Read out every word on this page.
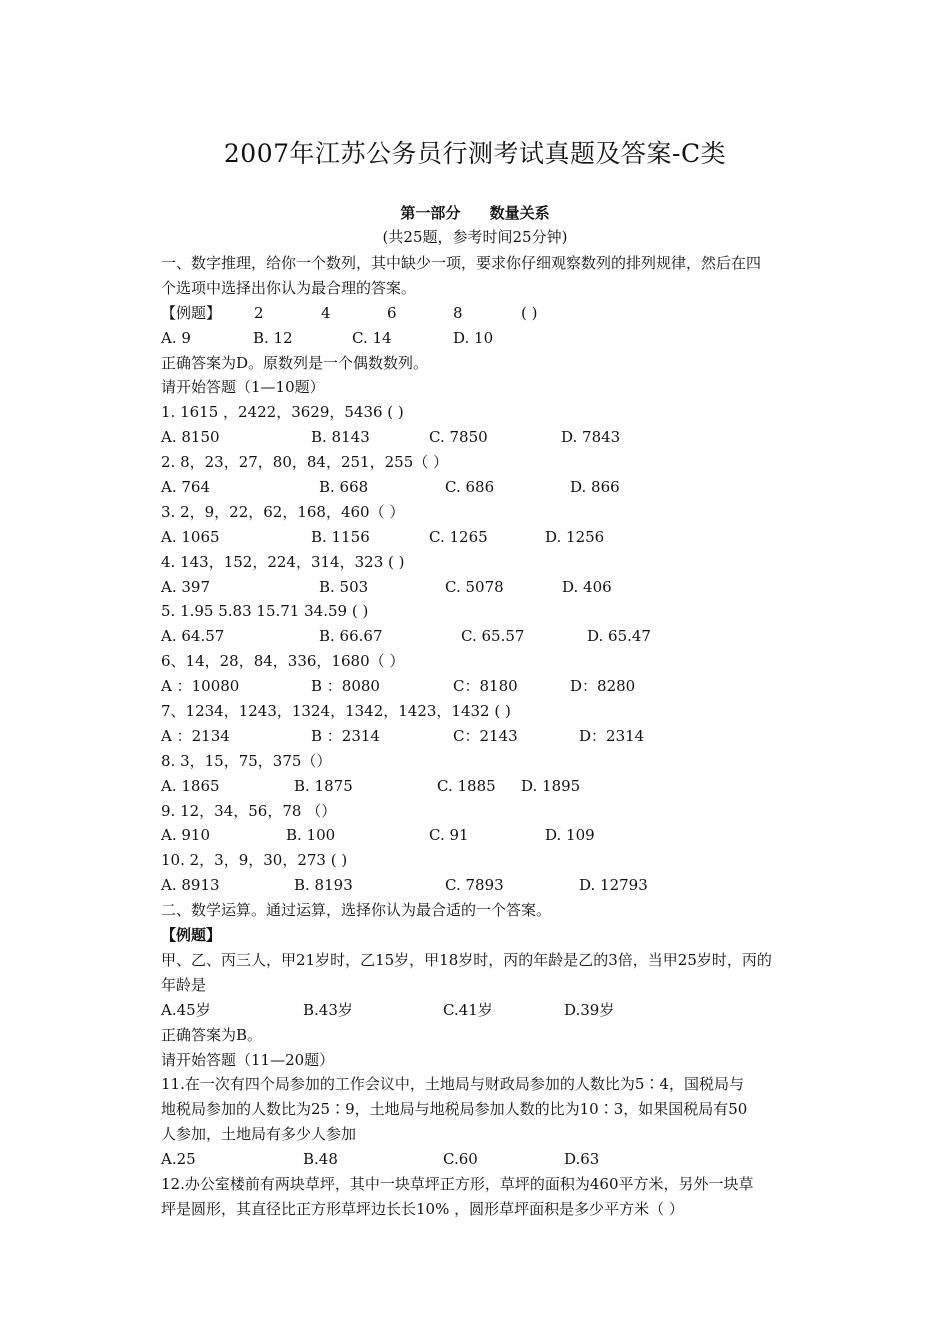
2007年江苏公务员行测考试真题及答案-C类
第一部分 数量关系
(共25题，参考时间25分钟)
一、数字推理，给你一个数列，其中缺少一项，要求你仔细观察数列的排列规律，然后在四
个选项中选择出你认为最合理的答案。
【例题】 2	4	6	8	( )
A. 9	B. 12	C. 14	D. 10
正确答案为D。原数列是一个偶数数列。
请开始答题（1—10题）
1. 1615 ，2422，3629，5436 ( )
A. 8150	B. 8143	C. 7850	D. 7843
2. 8，23，27，80，84，251，255（ ）
A. 764	B. 668	C. 686	D. 866
3. 2，9，22，62，168，460（ ）
A. 1065	B. 1156	C. 1265	D. 1256
4. 143，152，224，314，323 ( )
A. 397	B. 503	C. 5078	D. 406
5. 1.95 5.83 15.71 34.59 ( )
A. 64.57	B. 66.67	C. 65.57	D. 65.47
6、14，28，84，336，1680（ ）
A ：10080	B ：8080	C：8180	D：8280
7、1234，1243，1324，1342，1423，1432 ( )
A ：2134	B ：2314	C：2143	D：2314
8. 3，15，75，375（）
A. 1865	B. 1875	C. 1885 D. 1895
9. 12，34，56，78 （）
A. 910	B. 100	C. 91	D. 109
10. 2，3，9，30，273 ( )
A. 8913	B. 8193	C. 7893	D. 12793
二、数学运算。通过运算，选择你认为最合适的一个答案。
【例题】
甲、乙、丙三人，甲21岁时，乙15岁，甲18岁时，丙的年龄是乙的3倍，当甲25岁时，丙的
年龄是
A.45岁	B.43岁	C.41岁	D.39岁
正确答案为B。
请开始答题（11—20题）
11.在一次有四个局参加的工作会议中，土地局与财政局参加的人数比为5∶4，国税局与
地税局参加的人数比为25∶9，土地局与地税局参加人数的比为10∶3，如果国税局有50
人参加，土地局有多少人参加
A.25	B.48	C.60	D.63
12.办公室楼前有两块草坪，其中一块草坪正方形，草坪的面积为460平方米，另外一块草
坪是圆形，其直径比正方形草坪边长长10% ，圆形草坪面积是多少平方米（ ）
